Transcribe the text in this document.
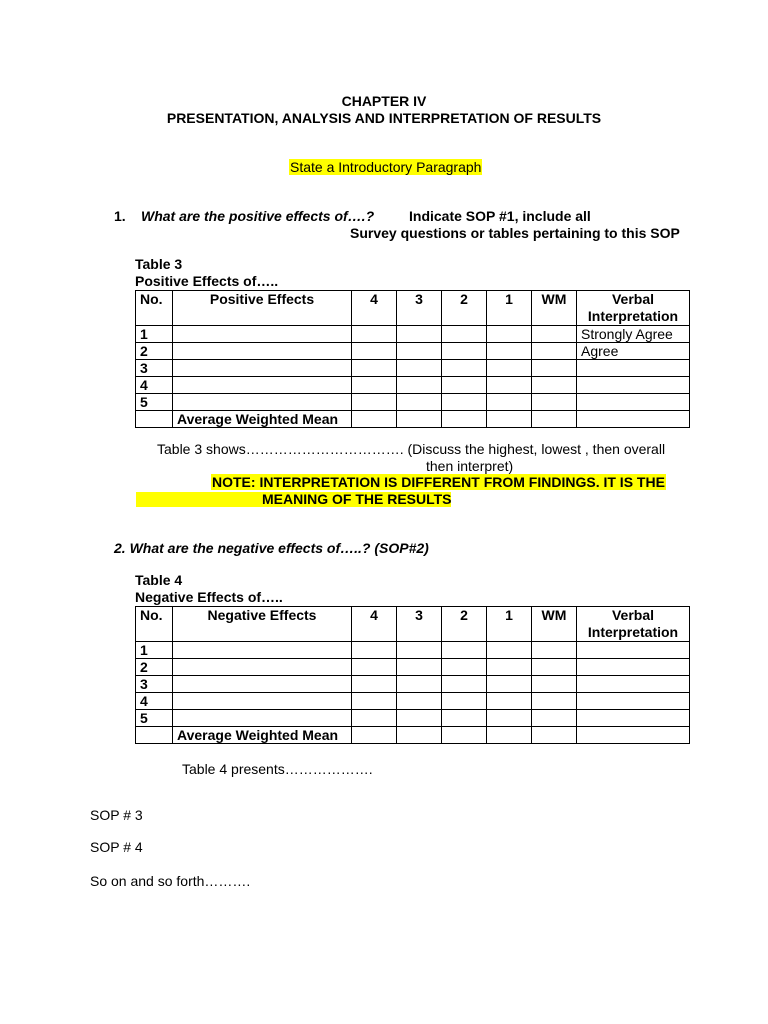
CHAPTER IV
PRESENTATION, ANALYSIS AND INTERPRETATION OF RESULTS
State a Introductory Paragraph
1. What are the positive effects of….? Indicate SOP #1, include all
Survey questions or tables pertaining to this SOP
Table 3
Positive Effects of…..
No.	Positive Effects	4	3	2	1	WM	Verbal Interpretation
1							Strongly Agree
2							Agree
3							
4							
5							
	Average Weighted Mean						
Table 3 shows……………………………. (Discuss the highest, lowest , then overall
then interpret)
NOTE: INTERPRETATION IS DIFFERENT FROM FINDINGS. IT IS THE
MEANING OF THE RESULTS
2. What are the negative effects of…..? (SOP#2)
Table 4
Negative Effects of…..
No.	Negative Effects	4	3	2	1	WM	Verbal Interpretation
1							
2							
3							
4							
5							
	Average Weighted Mean						
Table 4 presents……………….
SOP # 3
SOP # 4
So on and so forth……….
